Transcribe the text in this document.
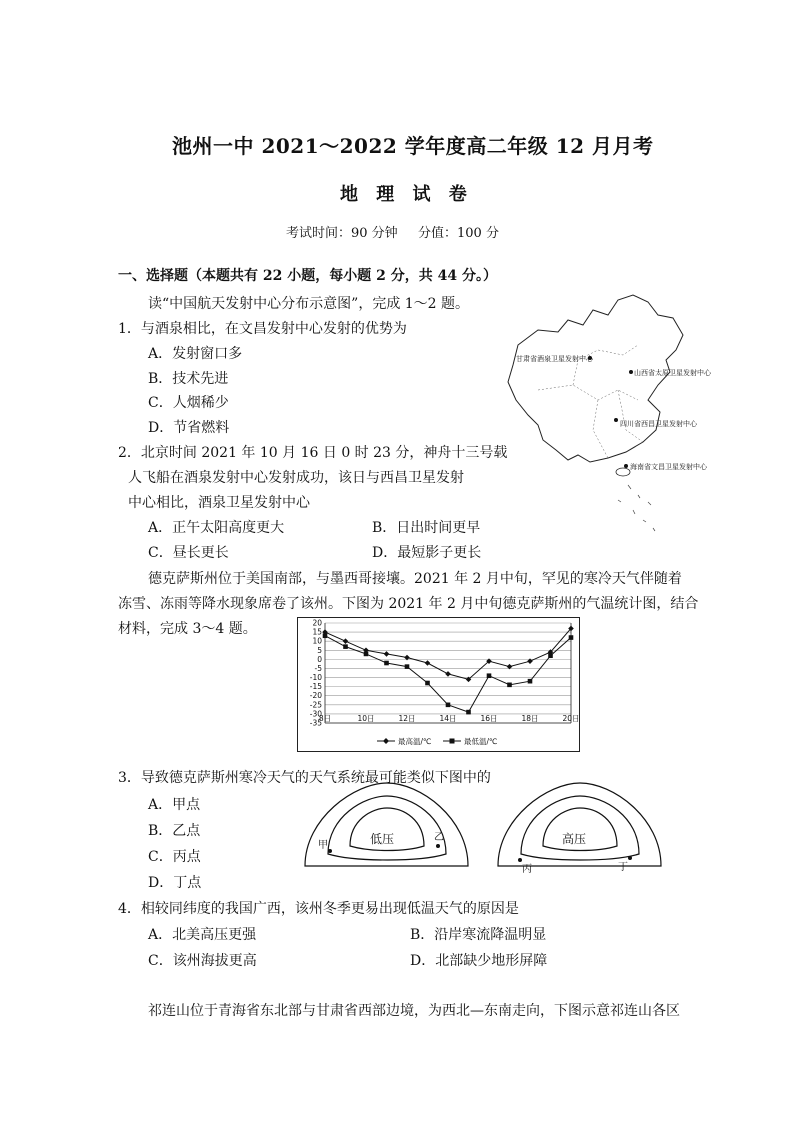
池州一中 2021～2022 学年度高二年级 12 月月考
地 理 试 卷
考试时间：90 分钟 分值：100 分
一、选择题（本题共有 22 小题，每小题 2 分，共 44 分。）
读“中国航天发射中心分布示意图”，完成 1～2 题。
1．与酒泉相比，在文昌发射中心发射的优势为
A．发射窗口多
B．技术先进
C．人烟稀少
D．节省燃料
2．北京时间 2021 年 10 月 16 日 0 时 23 分，神舟十三号载
人飞船在酒泉发射中心发射成功，该日与西昌卫星发射
中心相比，酒泉卫星发射中心
A．正午太阳高度更大	B．日出时间更早
C．昼长更长	D．最短影子更长
甘肃省酒泉卫星发射中心
山西省太原卫星发射中心
四川省西昌卫星发射中心
海南省文昌卫星发射中心
德克萨斯州位于美国南部，与墨西哥接壤。2021 年 2 月中旬，罕见的寒冷天气伴随着
冻雪、冻雨等降水现象席卷了该州。下图为 2021 年 2 月中旬德克萨斯州的气温统计图，结合
材料，完成 3～4 题。	20
15
10
5
0
-5
-10
-15
-20
-25
-30
-35
8日	10日	12日	14日	16日	18日	20日
最高温/℃	最低温/℃
3．导致德克萨斯州寒冷天气的天气系统最可能类似下图中的
A．甲点
B．乙点
C．丙点
D．丁点
低压
甲
乙	高压
丙	丁
4．相较同纬度的我国广西，该州冬季更易出现低温天气的原因是
A．北美高压更强	B．沿岸寒流降温明显
C．该州海拔更高	D．北部缺少地形屏障
祁连山位于青海省东北部与甘肃省西部边境，为西北—东南走向，下图示意祁连山各区
